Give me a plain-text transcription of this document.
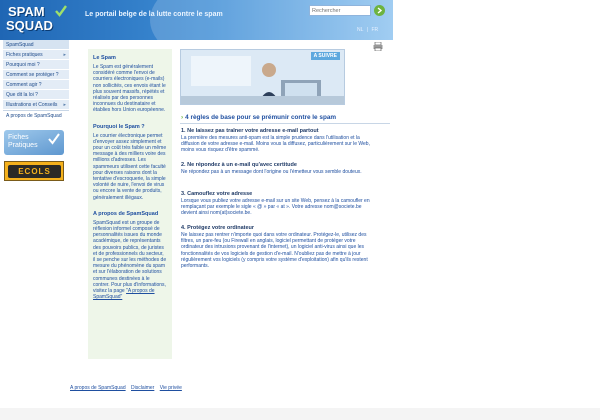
SPAM
SQUAD
Le portail belge de la lutte contre le spam
Rechercher
NL | FR
SpamSquad
Fiches pratiques	▸
Pourquoi moi ?
Comment se protéger ?
Comment agir ?
Que dit la loi ?
Illustrations et Conseils ▸
A propos de SpamSquad
Fiches
Pratiques
ECOLS
Le Spam

Le Spam est généralement considéré comme l'envoi de courriers électroniques (e-mails) non sollicités, ces envois étant le plus souvent massifs, répétés et réalisés par des personnes inconnues du destinataire et établies hors Union européenne.

Pourquoi le Spam ?

Le courrier électronique permet d'envoyer assez simplement et pour un coût très faible un même message à des milliers voire des millions d'adresses. Les spammeurs utilisent cette faculté pour diverses raisons dont la tentative d'escroquerie, la simple volonté de nuire, l'envoi de virus ou encore la vente de produits, généralement illégaux.

A propos de SpamSquad

SpamSquad est un groupe de réflexion informel composé de personnalités issues du monde académique, de représentants des pouvoirs publics, de juristes et de professionnels du secteur, il se penche sur les méthodes de mesure du phénomène du spam et sur l'élaboration de solutions communes destinées à le contrer. Pour plus d'informations, visitez la page "A propos de SpamSquad"

A SUIVRE
› 4 règles de base pour se prémunir contre le spam
1. Ne laissez pas traîner votre adresse e-mail partout

La première des mesures anti-spam est la simple prudence dans l'utilisation et la diffusion de votre adresse e-mail. Moins vous la diffusez, particulièrement sur le Web, moins vous risquez d'être spammé.

2. Ne répondez à un e-mail qu'avec certitude

Ne répondez pas à un message dont l'origine ou l'émetteur vous semble douteux.

3. Camouflez votre adresse

Lorsque vous publiez votre adresse e-mail sur un site Web, pensez à la camoufler en remplaçant par exemple le sigle « @ » par « at ». Votre adresse nom@societe.be devient ainsi nom(at)societe.be.

4. Protégez votre ordinateur

Ne laissez pas rentrer n'importe quoi dans votre ordinateur. Protégez-le, utilisez des filtres, un pare-feu (ou Firewall en anglais, logiciel permettant de protéger votre ordinateur des intrusions provenant de l'internet), un logiciel anti-virus ainsi que les fonctionnalités de vos logiciels de gestion d'e-mail. N'oubliez pas de mettre à jour régulièrement vos logiciels (y compris votre système d'exploitation) afin qu'ils restent performants.

A propos de SpamSquad Disclaimer Vie privée
